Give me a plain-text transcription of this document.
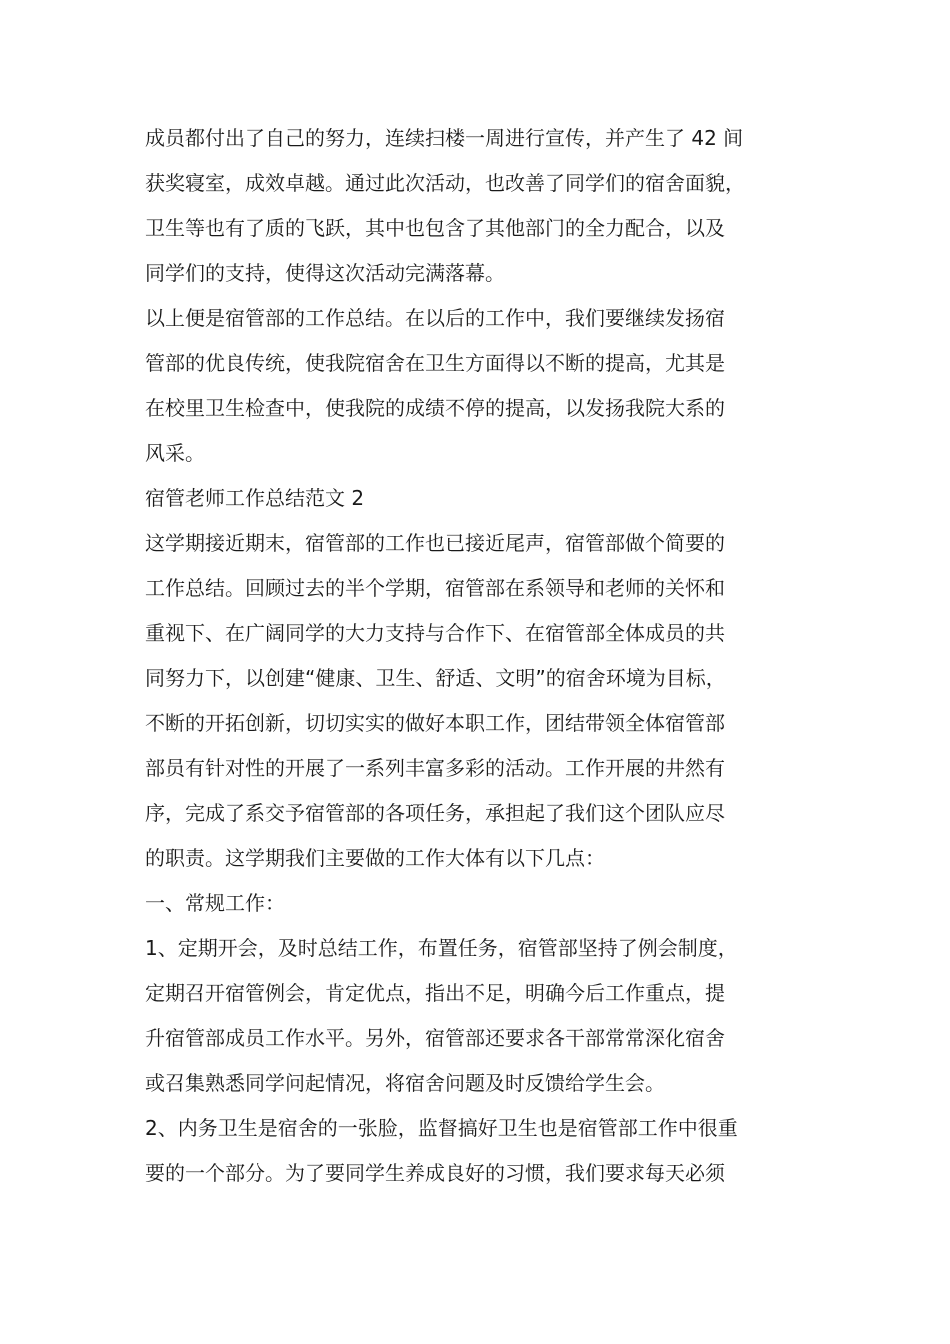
成员都付出了自己的努力，连续扫楼一周进行宣传，并产生了 42 间
获奖寝室，成效卓越。通过此次活动，也改善了同学们的宿舍面貌，
卫生等也有了质的飞跃，其中也包含了其他部门的全力配合，以及
同学们的支持，使得这次活动完满落幕。
以上便是宿管部的工作总结。在以后的工作中，我们要继续发扬宿
管部的优良传统，使我院宿舍在卫生方面得以不断的提高，尤其是
在校里卫生检查中，使我院的成绩不停的提高，以发扬我院大系的
风采。
宿管老师工作总结范文 2
这学期接近期末，宿管部的工作也已接近尾声，宿管部做个简要的
工作总结。回顾过去的半个学期，宿管部在系领导和老师的关怀和
重视下、在广阔同学的大力支持与合作下、在宿管部全体成员的共
同努力下，以创建“健康、卫生、舒适、文明”的宿舍环境为目标，
不断的开拓创新，切切实实的做好本职工作，团结带领全体宿管部
部员有针对性的开展了一系列丰富多彩的活动。工作开展的井然有
序，完成了系交予宿管部的各项任务，承担起了我们这个团队应尽
的职责。这学期我们主要做的工作大体有以下几点：
一、常规工作：
1、定期开会，及时总结工作，布置任务，宿管部坚持了例会制度，
定期召开宿管例会，肯定优点，指出不足，明确今后工作重点，提
升宿管部成员工作水平。另外，宿管部还要求各干部常常深化宿舍
或召集熟悉同学问起情况，将宿舍问题及时反馈给学生会。
2、内务卫生是宿舍的一张脸，监督搞好卫生也是宿管部工作中很重
要的一个部分。为了要同学生养成良好的习惯，我们要求每天必须
